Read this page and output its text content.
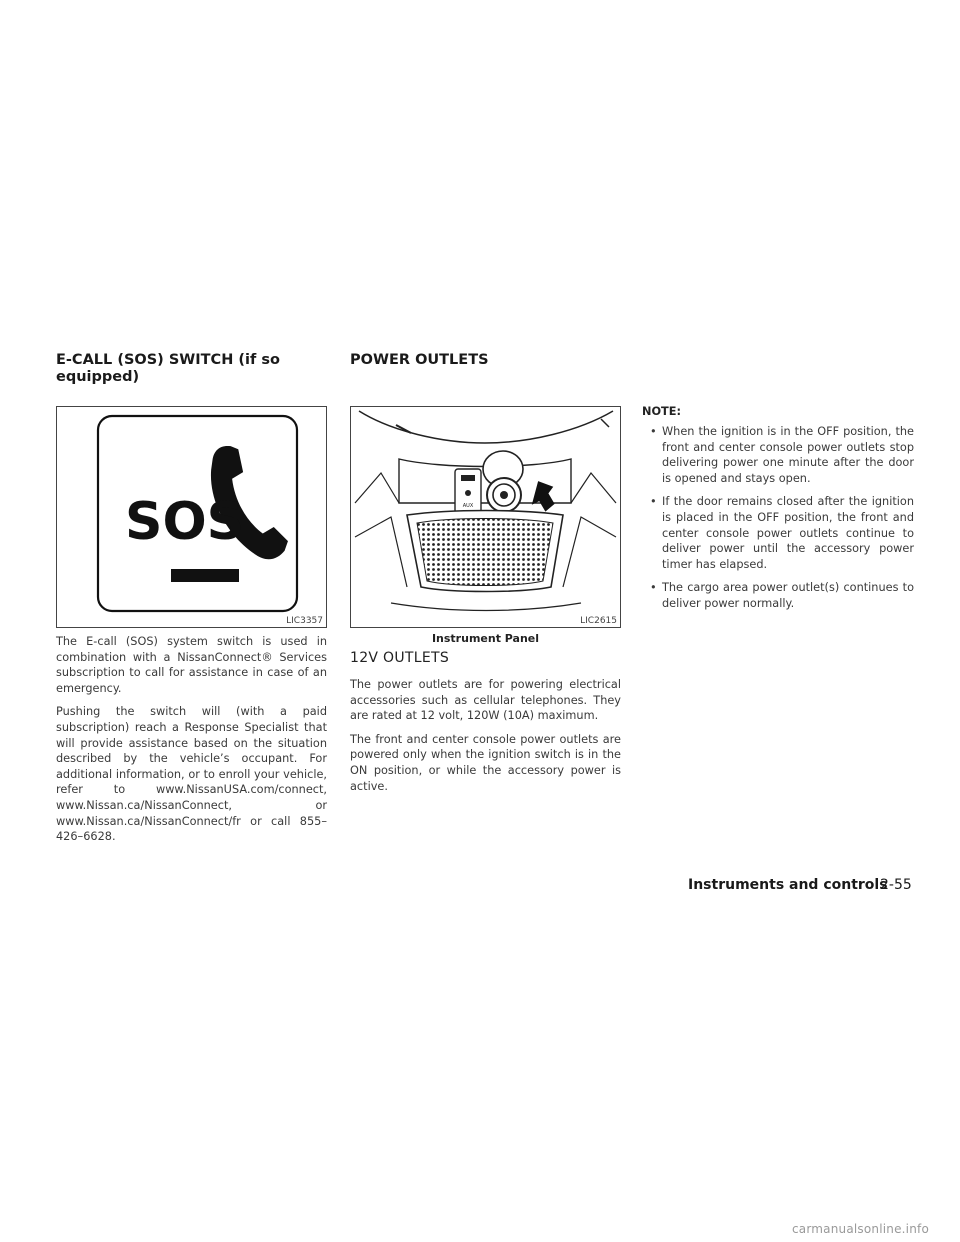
E-CALL (SOS) SWITCH (if so
equipped)
POWER OUTLETS
SOS
LIC3357
AUX
LIC2615
Instrument Panel

The E-call (SOS) system switch is used in combination with a NissanConnect® Services subscription to call for assistance in case of an emergency.

Pushing the switch will (with a paid subscription) reach a Response Specialist that will provide assistance based on the situation described by the vehicle’s occupant. For additional information, or to enroll your vehicle, refer to www.NissanUSA.com/connect, www.Nissan.ca/NissanConnect, or www.Nissan.ca/NissanConnect/fr or call 855–426–6628.

12V OUTLETS

The power outlets are for powering electrical accessories such as cellular telephones. They are rated at 12 volt, 120W (10A) maximum.

The front and center console power outlets are powered only when the ignition switch is in the ON position, or while the accessory power is active.

NOTE:
• When the ignition is in the OFF position, the front and center console power outlets stop delivering power one minute after the door is opened and stays open.
• If the door remains closed after the ignition is placed in the OFF position, the front and center console power outlets continue to deliver power until the accessory power timer has elapsed.
• The cargo area power outlet(s) continues to deliver power normally.
Instruments and controls
2-55
carmanualsonline.info
